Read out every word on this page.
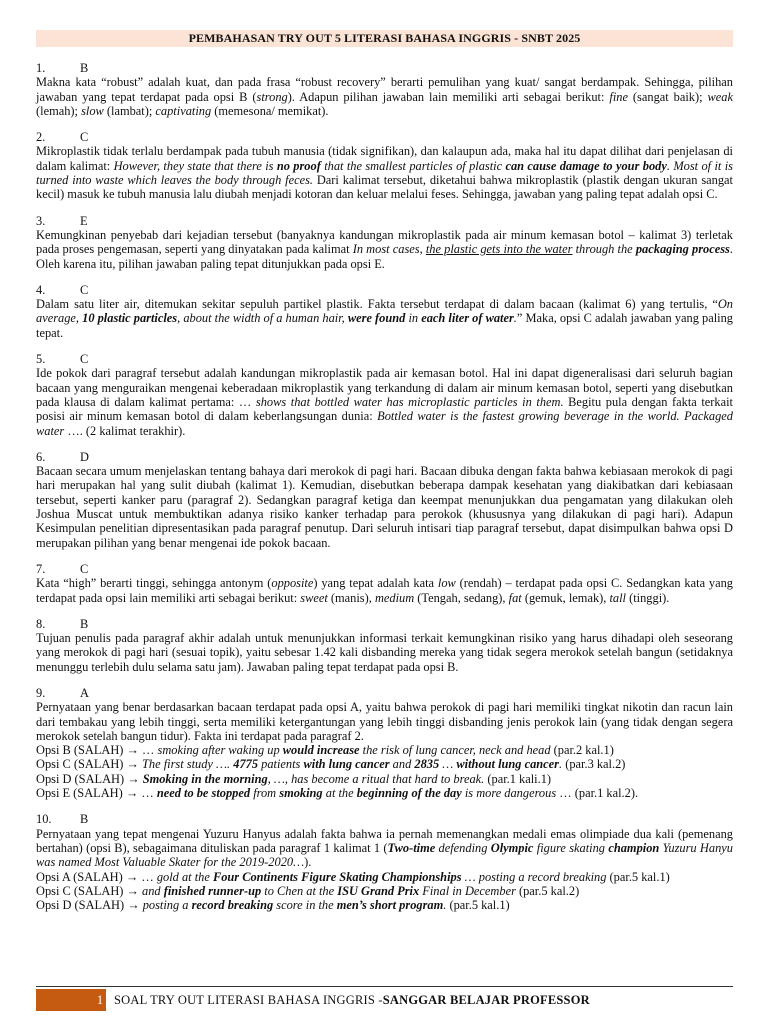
PEMBAHASAN TRY OUT 5 LITERASI BAHASA INGGRIS - SNBT 2025
1.	B

Makna kata “robust” adalah kuat, dan pada frasa “robust recovery” berarti pemulihan yang kuat/ sangat berdampak. Sehingga, pilihan jawaban yang tepat terdapat pada opsi B (strong). Adapun pilihan jawaban lain memiliki arti sebagai berikut: fine (sangat baik); weak (lemah); slow (lambat); captivating (memesona/ memikat).

2.	C

Mikroplastik tidak terlalu berdampak pada tubuh manusia (tidak signifikan), dan kalaupun ada, maka hal itu dapat dilihat dari penjelasan di dalam kalimat: However, they state that there is no proof that the smallest particles of plastic can cause damage to your body. Most of it is turned into waste which leaves the body through feces. Dari kalimat tersebut, diketahui bahwa mikroplastik (plastik dengan ukuran sangat kecil) masuk ke tubuh manusia lalu diubah menjadi kotoran dan keluar melalui feses. Sehingga, jawaban yang paling tepat adalah opsi C.

3.	E

Kemungkinan penyebab dari kejadian tersebut (banyaknya kandungan mikroplastik pada air minum kemasan botol – kalimat 3) terletak pada proses pengemasan, seperti yang dinyatakan pada kalimat In most cases, the plastic gets into the water through the packaging process. Oleh karena itu, pilihan jawaban paling tepat ditunjukkan pada opsi E.

4.	C

Dalam satu liter air, ditemukan sekitar sepuluh partikel plastik. Fakta tersebut terdapat di dalam bacaan (kalimat 6) yang tertulis, “On average, 10 plastic particles, about the width of a human hair, were found in each liter of water.” Maka, opsi C adalah jawaban yang paling tepat.

5.	C

Ide pokok dari paragraf tersebut adalah kandungan mikroplastik pada air kemasan botol. Hal ini dapat digeneralisasi dari seluruh bagian bacaan yang menguraikan mengenai keberadaan mikroplastik yang terkandung di dalam air minum kemasan botol, seperti yang disebutkan pada klausa di dalam kalimat pertama: … shows that bottled water has microplastic particles in them. Begitu pula dengan fakta terkait posisi air minum kemasan botol di dalam keberlangsungan dunia: Bottled water is the fastest growing beverage in the world. Packaged water …. (2 kalimat terakhir).

6.	D

Bacaan secara umum menjelaskan tentang bahaya dari merokok di pagi hari. Bacaan dibuka dengan fakta bahwa kebiasaan merokok di pagi hari merupakan hal yang sulit diubah (kalimat 1). Kemudian, disebutkan beberapa dampak kesehatan yang diakibatkan dari kebiasaan tersebut, seperti kanker paru (paragraf 2). Sedangkan paragraf ketiga dan keempat menunjukkan dua pengamatan yang dilakukan oleh Joshua Muscat untuk membuktikan adanya risiko kanker terhadap para perokok (khususnya yang dilakukan di pagi hari). Adapun Kesimpulan penelitian dipresentasikan pada paragraf penutup. Dari seluruh intisari tiap paragraf tersebut, dapat disimpulkan bahwa opsi D merupakan pilihan yang benar mengenai ide pokok bacaan.

7.	C

Kata “high” berarti tinggi, sehingga antonym (opposite) yang tepat adalah kata low (rendah) – terdapat pada opsi C. Sedangkan kata yang terdapat pada opsi lain memiliki arti sebagai berikut: sweet (manis), medium (Tengah, sedang), fat (gemuk, lemak), tall (tinggi).

8.	B

Tujuan penulis pada paragraf akhir adalah untuk menunjukkan informasi terkait kemungkinan risiko yang harus dihadapi oleh seseorang yang merokok di pagi hari (sesuai topik), yaitu sebesar 1.42 kali disbanding mereka yang tidak segera merokok setelah bangun (setidaknya menunggu terlebih dulu selama satu jam). Jawaban paling tepat terdapat pada opsi B.

9.	A

Pernyataan yang benar berdasarkan bacaan terdapat pada opsi A, yaitu bahwa perokok di pagi hari memiliki tingkat nikotin dan racun lain dari tembakau yang lebih tinggi, serta memiliki ketergantungan yang lebih tinggi disbanding jenis perokok lain (yang tidak dengan segera merokok setelah bangun tidur). Fakta ini terdapat pada paragraf 2.

Opsi B (SALAH) → … smoking after waking up would increase the risk of lung cancer, neck and head (par.2 kal.1)

Opsi C (SALAH) → The first study …. 4775 patients with lung cancer and 2835 … without lung cancer. (par.3 kal.2)

Opsi D (SALAH) → Smoking in the morning, …, has become a ritual that hard to break. (par.1 kali.1)

Opsi E (SALAH) → … need to be stopped from smoking at the beginning of the day is more dangerous … (par.1 kal.2).

10. B

Pernyataan yang tepat mengenai Yuzuru Hanyus adalah fakta bahwa ia pernah memenangkan medali emas olimpiade dua kali (pemenang bertahan) (opsi B), sebagaimana dituliskan pada paragraf 1 kalimat 1 (Two-time defending Olympic figure skating champion Yuzuru Hanyu was named Most Valuable Skater for the 2019-2020…).

Opsi A (SALAH) → … gold at the Four Continents Figure Skating Championships … posting a record breaking (par.5 kal.1)

Opsi C (SALAH) → and finished runner-up to Chen at the ISU Grand Prix Final in December (par.5 kal.2)

Opsi D (SALAH) → posting a record breaking score in the men’s short program. (par.5 kal.1)

1 SOAL TRY OUT LITERASI BAHASA INGGRIS -SANGGAR BELAJAR PROFESSOR
